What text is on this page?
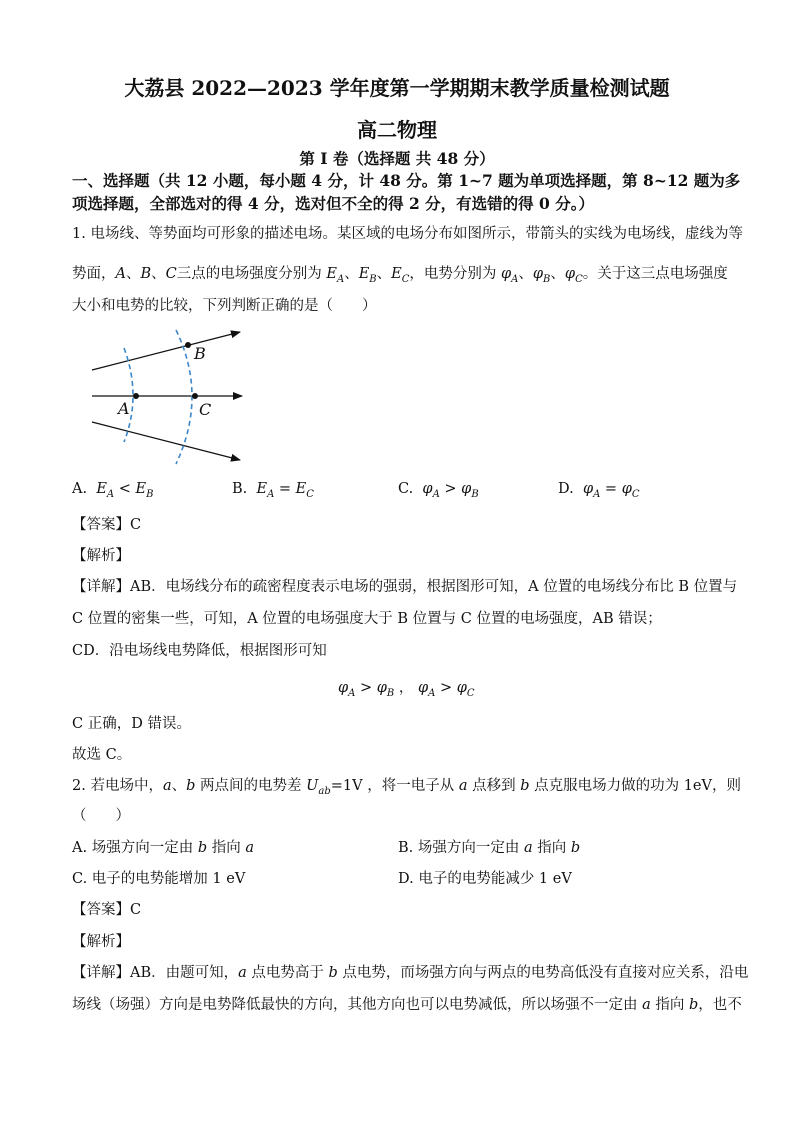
大荔县 2022—2023 学年度第一学期期末教学质量检测试题
高二物理
第 I 卷（选择题 共 48 分）
一、选择题（共 12 小题，每小题 4 分，计 48 分。第 1~7 题为单项选择题，第 8~12 题为多
项选择题，全部选对的得 4 分，选对但不全的得 2 分，有选错的得 0 分。）
1. 电场线、等势面均可形象的描述电场。某区域的电场分布如图所示，带箭头的实线为电场线，虚线为等
势面，A、B、C三点的电场强度分别为 $E_A$、$E_B$、$E_C$，电势分别为 $\varphi_A$、$\varphi_B$、$\varphi_C$。关于这三点电场强度
大小和电势的比较，下列判断正确的是（　　）
A	C
B
A. $E_A < E_B$	B. $E_A = E_C$	C. $\varphi_A > \varphi_B$	D. $\varphi_A = \varphi_C$
【答案】C
【解析】
【详解】AB．电场线分布的疏密程度表示电场的强弱，根据图形可知，A 位置的电场线分布比 B 位置与
C 位置的密集一些，可知，A 位置的电场强度大于 B 位置与 C 位置的电场强度，AB 错误；
CD．沿电场线电势降低，根据图形可知
$\varphi_A > \varphi_B$ ， $\varphi_A > \varphi_C$
C 正确，D 错误。
故选 C。
2. 若电场中，a、b 两点间的电势差 $U_{ab}=1V$ ，将一电子从 a 点移到 b 点克服电场力做的功为 1eV，则
（　　）
A. 场强方向一定由 b 指向 a	B. 场强方向一定由 a 指向 b
C. 电子的电势能增加 1 eV	D. 电子的电势能减少 1 eV
【答案】C
【解析】
【详解】AB．由题可知，a 点电势高于 b 点电势，而场强方向与两点的电势高低没有直接对应关系，沿电
场线（场强）方向是电势降低最快的方向，其他方向也可以电势减低，所以场强不一定由 a 指向 b，也不
